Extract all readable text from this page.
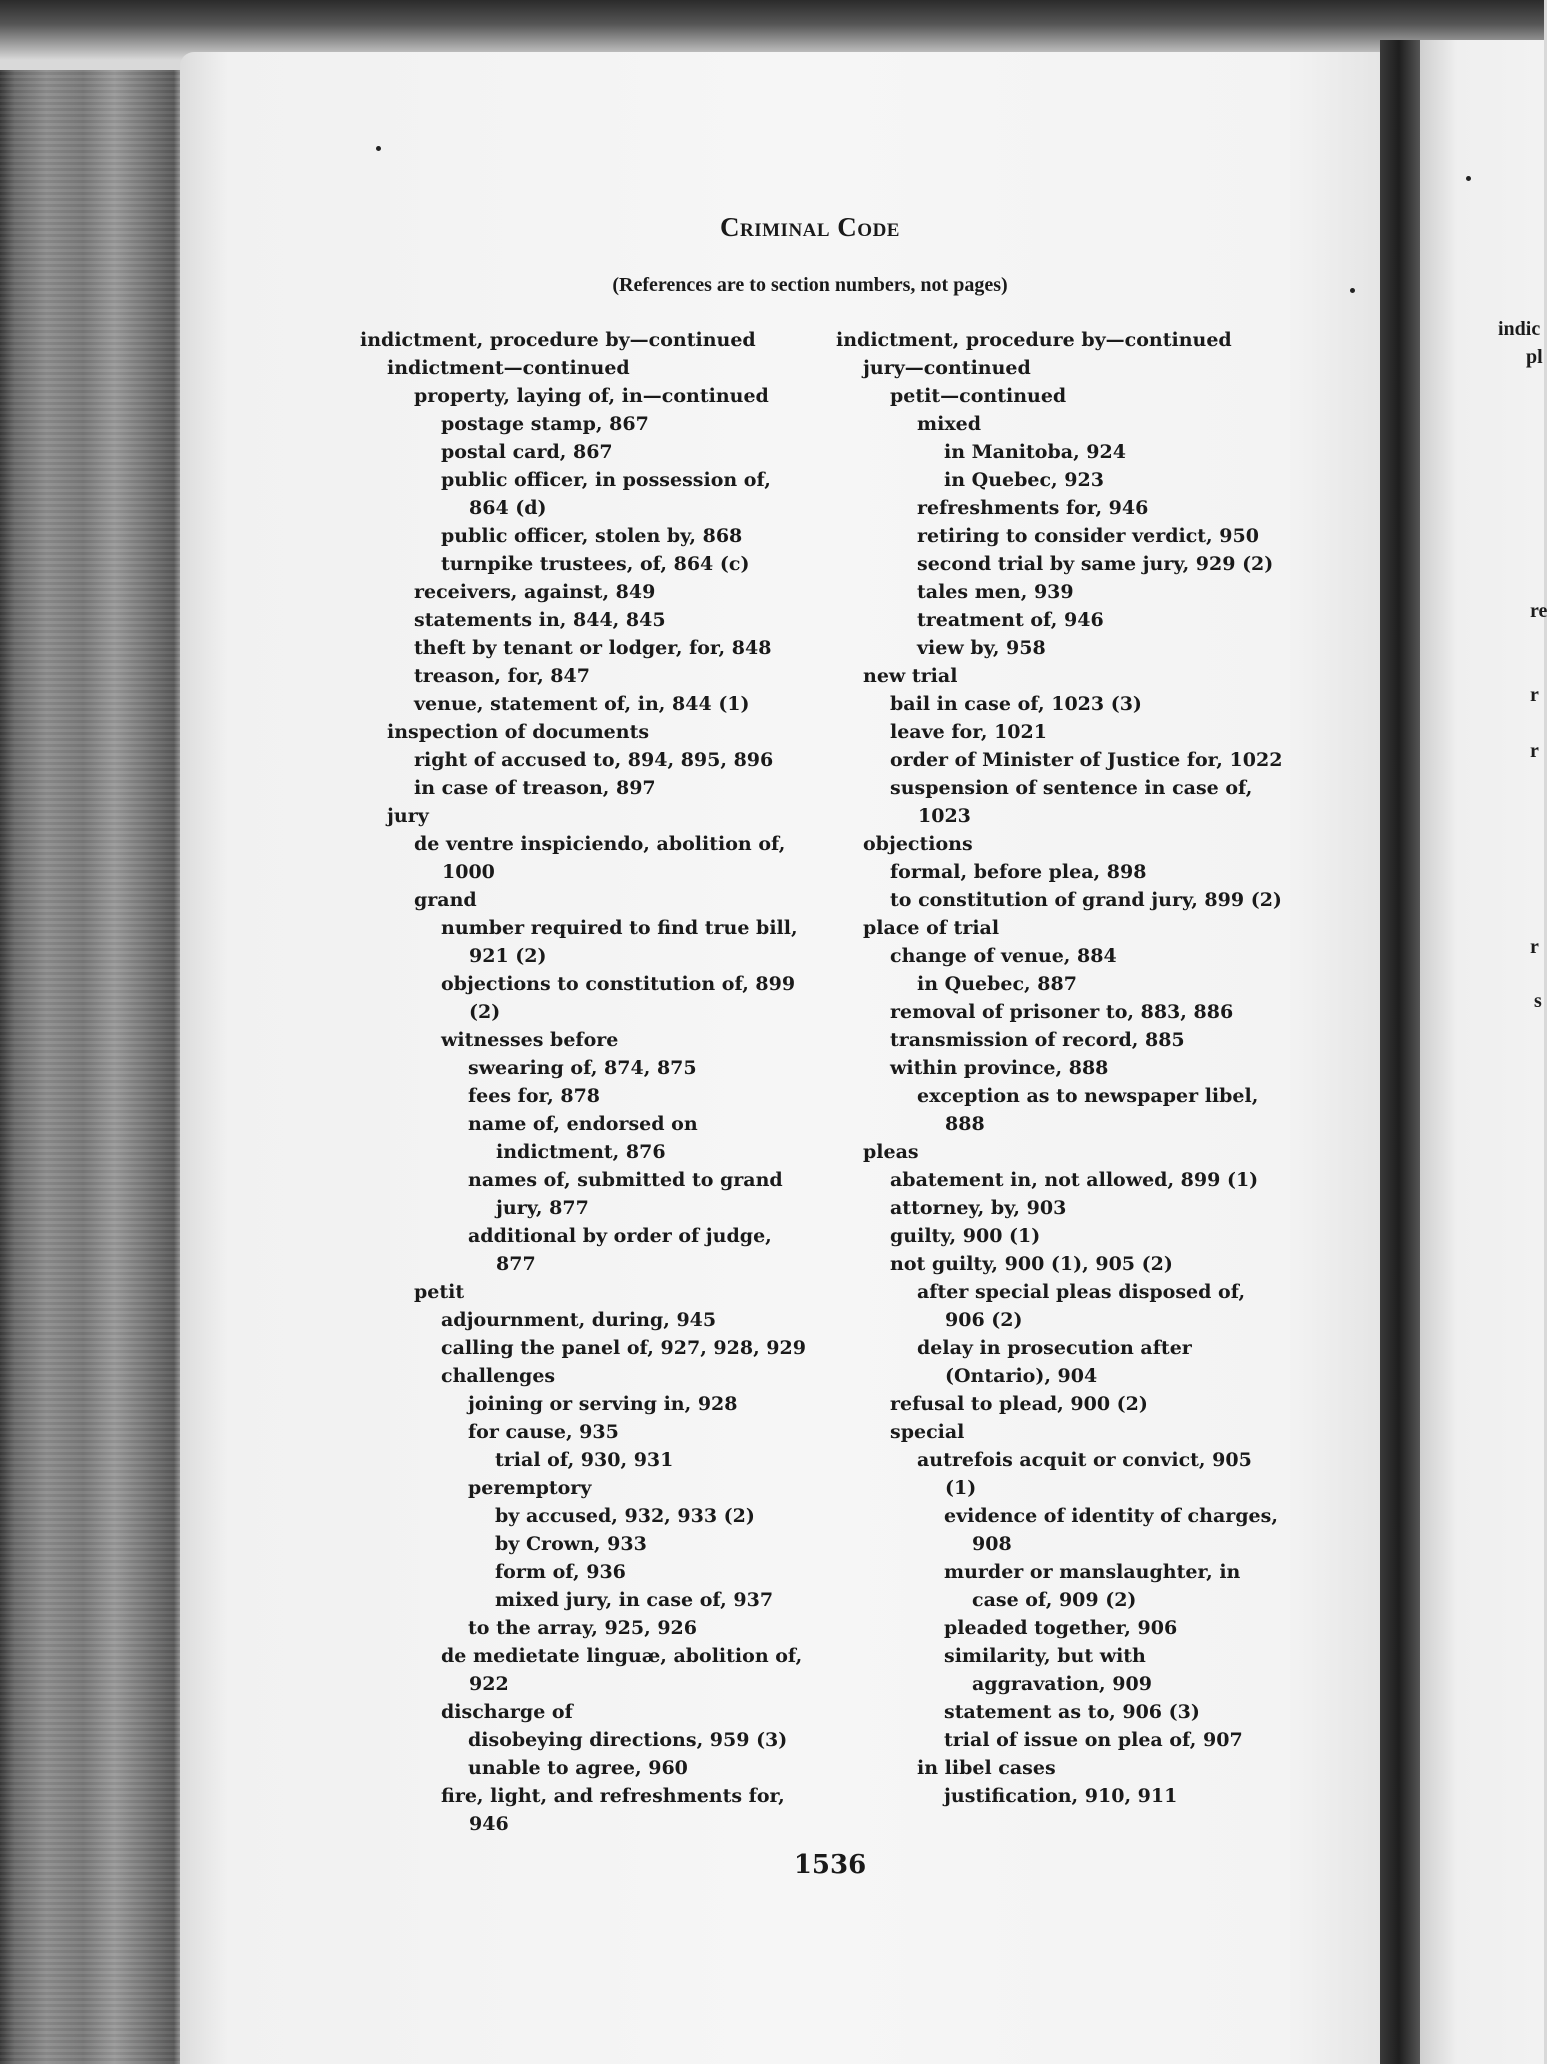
indic
pl
re
r
r
r
s
Criminal Code
(References are to section numbers, not pages)

indictment, procedure by—continued

indictment—continued

property, laying of, in—continued

postage stamp, 867

postal card, 867

public officer, in possession of, 864 (d)

public officer, stolen by, 868

turnpike trustees, of, 864 (c)

receivers, against, 849

statements in, 844, 845

theft by tenant or lodger, for, 848

treason, for, 847

venue, statement of, in, 844 (1)

inspection of documents

right of accused to, 894, 895, 896

in case of treason, 897

jury

de ventre inspiciendo, abolition of, 1000

grand

number required to find true bill, 921 (2)

objections to constitution of, 899 (2)

witnesses before

swearing of, 874, 875

fees for, 878

name of, endorsed on indictment, 876

names of, submitted to grand jury, 877

additional by order of judge, 877

petit

adjournment, during, 945

calling the panel of, 927, 928, 929

challenges

joining or serving in, 928

for cause, 935

trial of, 930, 931

peremptory

by accused, 932, 933 (2)

by Crown, 933

form of, 936

mixed jury, in case of, 937

to the array, 925, 926

de medietate linguæ, abolition of, 922

discharge of

disobeying directions, 959 (3)

unable to agree, 960

fire, light, and refreshments for, 946

indictment, procedure by—continued

jury—continued

petit—continued

mixed

in Manitoba, 924

in Quebec, 923

refreshments for, 946

retiring to consider verdict, 950

second trial by same jury, 929 (2)

tales men, 939

treatment of, 946

view by, 958

new trial

bail in case of, 1023 (3)

leave for, 1021

order of Minister of Justice for, 1022

suspension of sentence in case of, 1023

objections

formal, before plea, 898

to constitution of grand jury, 899 (2)

place of trial

change of venue, 884

in Quebec, 887

removal of prisoner to, 883, 886

transmission of record, 885

within province, 888

exception as to newspaper libel, 888

pleas

abatement in, not allowed, 899 (1)

attorney, by, 903

guilty, 900 (1)

not guilty, 900 (1), 905 (2)

after special pleas disposed of, 906 (2)

delay in prosecution after (Ontario), 904

refusal to plead, 900 (2)

special

autrefois acquit or convict, 905 (1)

evidence of identity of charges, 908

murder or manslaughter, in case of, 909 (2)

pleaded together, 906

similarity, but with aggravation, 909

statement as to, 906 (3)

trial of issue on plea of, 907

in libel cases

justification, 910, 911

1536
